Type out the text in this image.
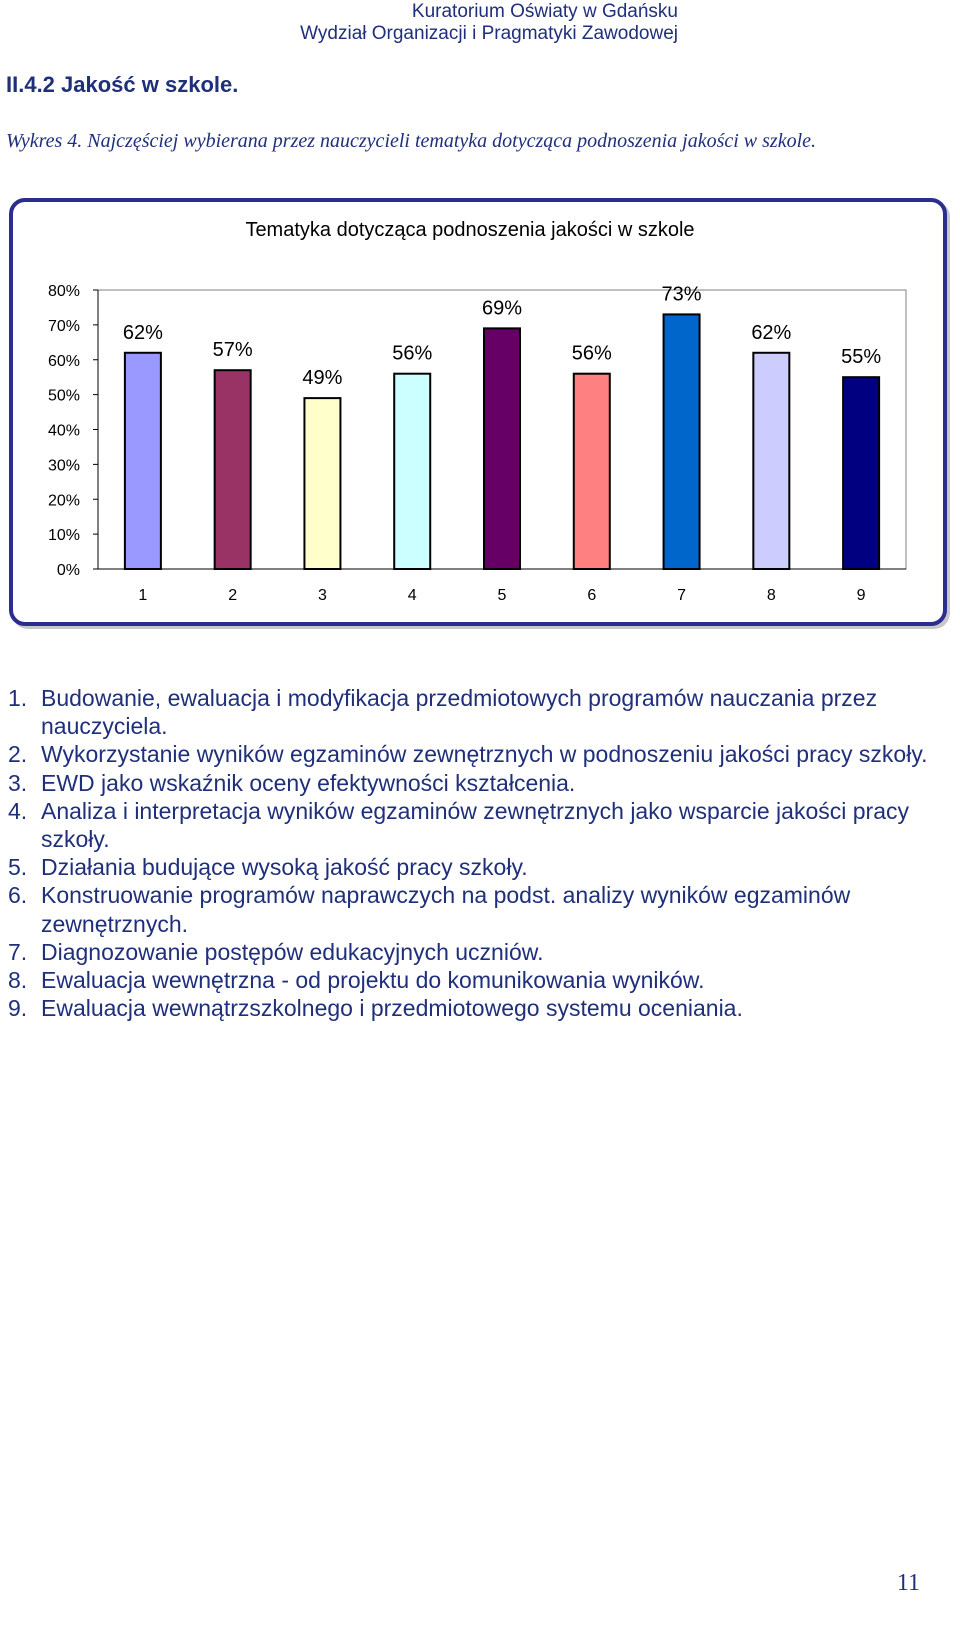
Kuratorium Oświaty w Gdańsku
Wydział Organizacji i Pragmatyki Zawodowej
II.4.2 Jakość w szkole.
Wykres 4. Najczęściej wybierana przez nauczycieli tematyka dotycząca podnoszenia jakości w szkole.
Tematyka dotycząca podnoszenia jakości w szkole
0%
10%
20%
30%
40%
50%
60%
70%
80%
62%
1
57%
2
49%
3
56%
4
69%
5
56%
6
73%
7
62%
8
55%
9
1. Budowanie, ewaluacja i modyfikacja przedmiotowych programów nauczania przez nauczyciela.
2. Wykorzystanie wyników egzaminów zewnętrznych w podnoszeniu jakości pracy szkoły.
3. EWD jako wskaźnik oceny efektywności kształcenia.
4. Analiza i interpretacja wyników egzaminów zewnętrznych jako wsparcie jakości pracy szkoły.
5. Działania budujące wysoką jakość pracy szkoły.
6. Konstruowanie programów naprawczych na podst. analizy wyników egzaminów zewnętrznych.
7. Diagnozowanie postępów edukacyjnych uczniów.
8. Ewaluacja wewnętrzna - od projektu do komunikowania wyników.
9. Ewaluacja wewnątrzszkolnego i przedmiotowego systemu oceniania.
11
